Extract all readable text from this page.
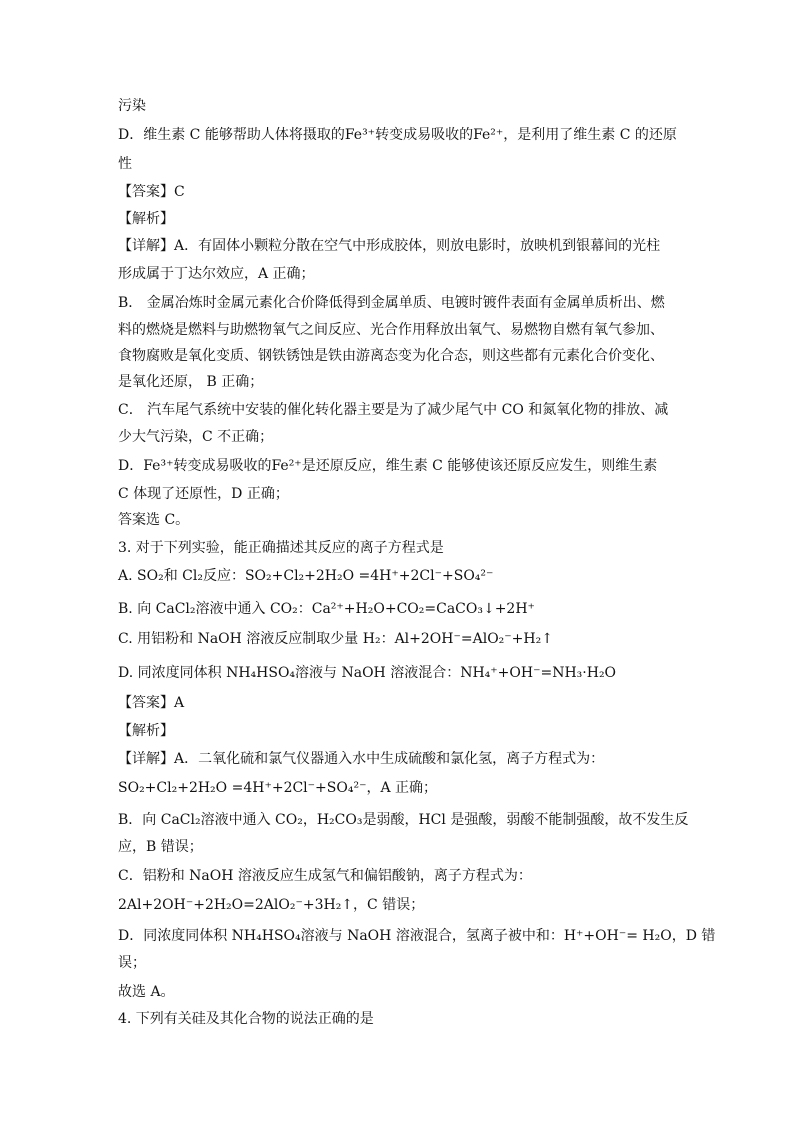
污染
D．维生素 C 能够帮助人体将摄取的Fe³⁺转变成易吸收的Fe²⁺，是利用了维生素 C 的还原
性
【答案】C
【解析】
【详解】A．有固体小颗粒分散在空气中形成胶体，则放电影时，放映机到银幕间的光柱
形成属于丁达尔效应，A 正确；
B． 金属冶炼时金属元素化合价降低得到金属单质、电镀时镀件表面有金属单质析出、燃
料的燃烧是燃料与助燃物氧气之间反应、光合作用释放出氧气、易燃物自燃有氧气参加、
食物腐败是氧化变质、钢铁锈蚀是铁由游离态变为化合态，则这些都有元素化合价变化、
是氧化还原， B 正确；
C． 汽车尾气系统中安装的催化转化器主要是为了减少尾气中 CO 和氮氧化物的排放、减
少大气污染，C 不正确；
D．Fe³⁺转变成易吸收的Fe²⁺是还原反应，维生素 C 能够使该还原反应发生，则维生素
C 体现了还原性，D 正确；
答案选 C。
3. 对于下列实验，能正确描述其反应的离子方程式是
A. SO₂和 Cl₂反应：SO₂+Cl₂+2H₂O =4H⁺+2Cl⁻+SO₄²⁻
B. 向 CaCl₂溶液中通入 CO₂：Ca²⁺+H₂O+CO₂=CaCO₃↓+2H⁺
C. 用铝粉和 NaOH 溶液反应制取少量 H₂：Al+2OH⁻=AlO₂⁻+H₂↑
D. 同浓度同体积 NH₄HSO₄溶液与 NaOH 溶液混合：NH₄⁺+OH⁻=NH₃·H₂O
【答案】A
【解析】
【详解】A．二氧化硫和氯气仪器通入水中生成硫酸和氯化氢，离子方程式为：
SO₂+Cl₂+2H₂O =4H⁺+2Cl⁻+SO₄²⁻，A 正确；
B．向 CaCl₂溶液中通入 CO₂，H₂CO₃是弱酸，HCl 是强酸，弱酸不能制强酸，故不发生反
应，B 错误；
C．铝粉和 NaOH 溶液反应生成氢气和偏铝酸钠，离子方程式为：
2Al+2OH⁻+2H₂O=2AlO₂⁻+3H₂↑，C 错误；
D．同浓度同体积 NH₄HSO₄溶液与 NaOH 溶液混合，氢离子被中和：H⁺+OH⁻= H₂O，D 错
误；
故选 A。
4. 下列有关硅及其化合物的说法正确的是
